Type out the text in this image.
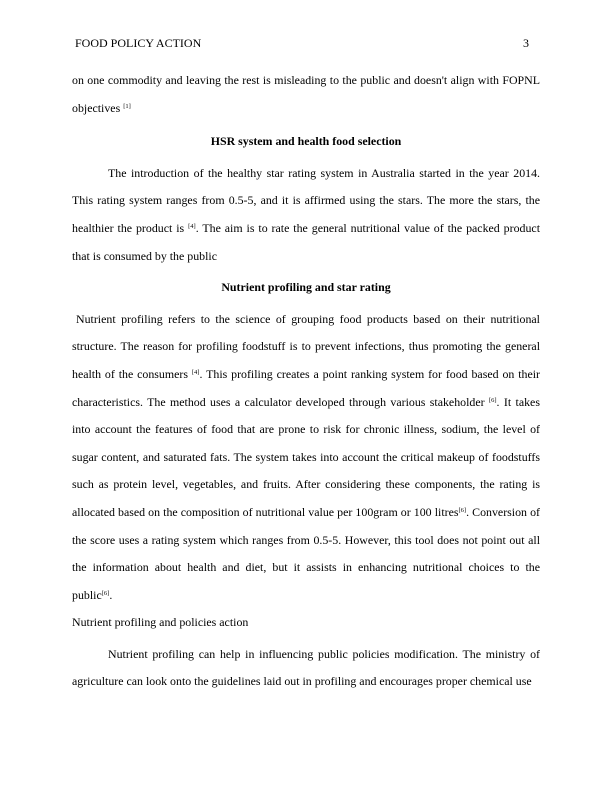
FOOD POLICY ACTION	3

on one commodity and leaving the rest is misleading to the public and doesn't align with FOPNL objectives [1]

HSR system and health food selection

The introduction of the healthy star rating system in Australia started in the year 2014. This rating system ranges from 0.5-5, and it is affirmed using the stars. The more the stars, the healthier the product is [4]. The aim is to rate the general nutritional value of the packed product that is consumed by the public

Nutrient profiling and star rating

Nutrient profiling refers to the science of grouping food products based on their nutritional structure. The reason for profiling foodstuff is to prevent infections, thus promoting the general health of the consumers [4]. This profiling creates a point ranking system for food based on their characteristics. The method uses a calculator developed through various stakeholder [6]. It takes into account the features of food that are prone to risk for chronic illness, sodium, the level of sugar content, and saturated fats. The system takes into account the critical makeup of foodstuffs such as protein level, vegetables, and fruits. After considering these components, the rating is allocated based on the composition of nutritional value per 100gram or 100 litres[6]. Conversion of the score uses a rating system which ranges from 0.5-5. However, this tool does not point out all the information about health and diet, but it assists in enhancing nutritional choices to the public[6].

Nutrient profiling and policies action

Nutrient profiling can help in influencing public policies modification. The ministry of agriculture can look onto the guidelines laid out in profiling and encourages proper chemical use
